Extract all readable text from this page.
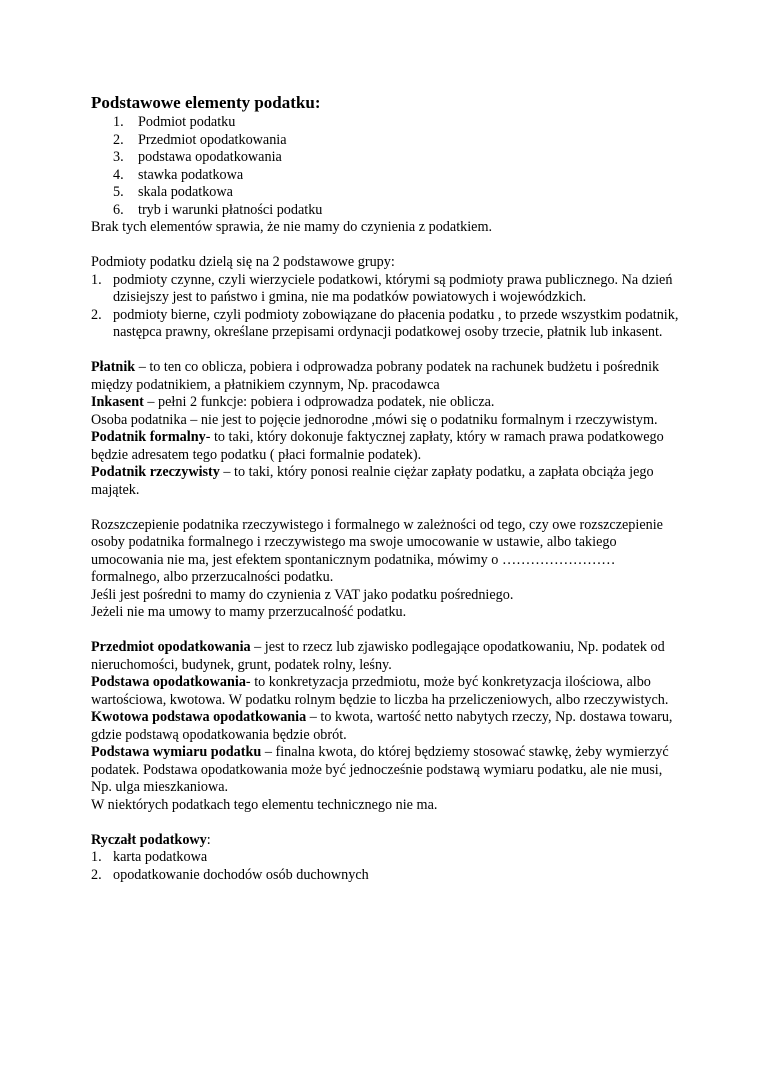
Podstawowe elementy podatku:

1. Podmiot podatku
2. Przedmiot opodatkowania
3. podstawa opodatkowania
4. stawka podatkowa
5. skala podatkowa
6. tryb i warunki płatności podatku

Brak tych elementów sprawia, że nie mamy do czynienia z podatkiem.

Podmioty podatku dzielą się na 2 podstawowe grupy:

1. podmioty czynne, czyli wierzyciele podatkowi, którymi są podmioty prawa publicznego. Na dzień dzisiejszy jest to państwo i gmina, nie ma podatków powiatowych i wojewódzkich.
2. podmioty bierne, czyli podmioty zobowiązane do płacenia podatku , to przede wszystkim podatnik, następca prawny, określane przepisami ordynacji podatkowej osoby trzecie, płatnik lub inkasent.

Płatnik – to ten co oblicza, pobiera i odprowadza pobrany podatek na rachunek budżetu i pośrednik między podatnikiem, a płatnikiem czynnym, Np. pracodawca

Inkasent – pełni 2 funkcje: pobiera i odprowadza podatek, nie oblicza.

Osoba podatnika – nie jest to pojęcie jednorodne ,mówi się o podatniku formalnym i rzeczywistym.

Podatnik formalny- to taki, który dokonuje faktycznej zapłaty, który w ramach prawa podatkowego będzie adresatem tego podatku ( płaci formalnie podatek).

Podatnik rzeczywisty – to taki, który ponosi realnie ciężar zapłaty podatku, a zapłata obciąża jego majątek.

Rozszczepienie podatnika rzeczywistego i formalnego w zależności od tego, czy owe rozszczepienie osoby podatnika formalnego i rzeczywistego ma swoje umocowanie w ustawie, albo takiego umocowania nie ma, jest efektem spontanicznym podatnika, mówimy o ……………………formalnego, albo przerzucalności podatku.

Jeśli jest pośredni to mamy do czynienia z VAT jako podatku pośredniego.

Jeżeli nie ma umowy to mamy przerzucalność podatku.

Przedmiot opodatkowania – jest to rzecz lub zjawisko podlegające opodatkowaniu, Np. podatek od nieruchomości, budynek, grunt, podatek rolny, leśny.

Podstawa opodatkowania- to konkretyzacja przedmiotu, może być konkretyzacja ilościowa, albo wartościowa, kwotowa. W podatku rolnym będzie to liczba ha przeliczeniowych, albo rzeczywistych.

Kwotowa podstawa opodatkowania – to kwota, wartość netto nabytych rzeczy, Np. dostawa towaru, gdzie podstawą opodatkowania będzie obrót.

Podstawa wymiaru podatku – finalna kwota, do której będziemy stosować stawkę, żeby wymierzyć podatek. Podstawa opodatkowania może być jednocześnie podstawą wymiaru podatku, ale nie musi, Np. ulga mieszkaniowa.

W niektórych podatkach tego elementu technicznego nie ma.

Ryczałt podatkowy:

1. karta podatkowa
2. opodatkowanie dochodów osób duchownych
